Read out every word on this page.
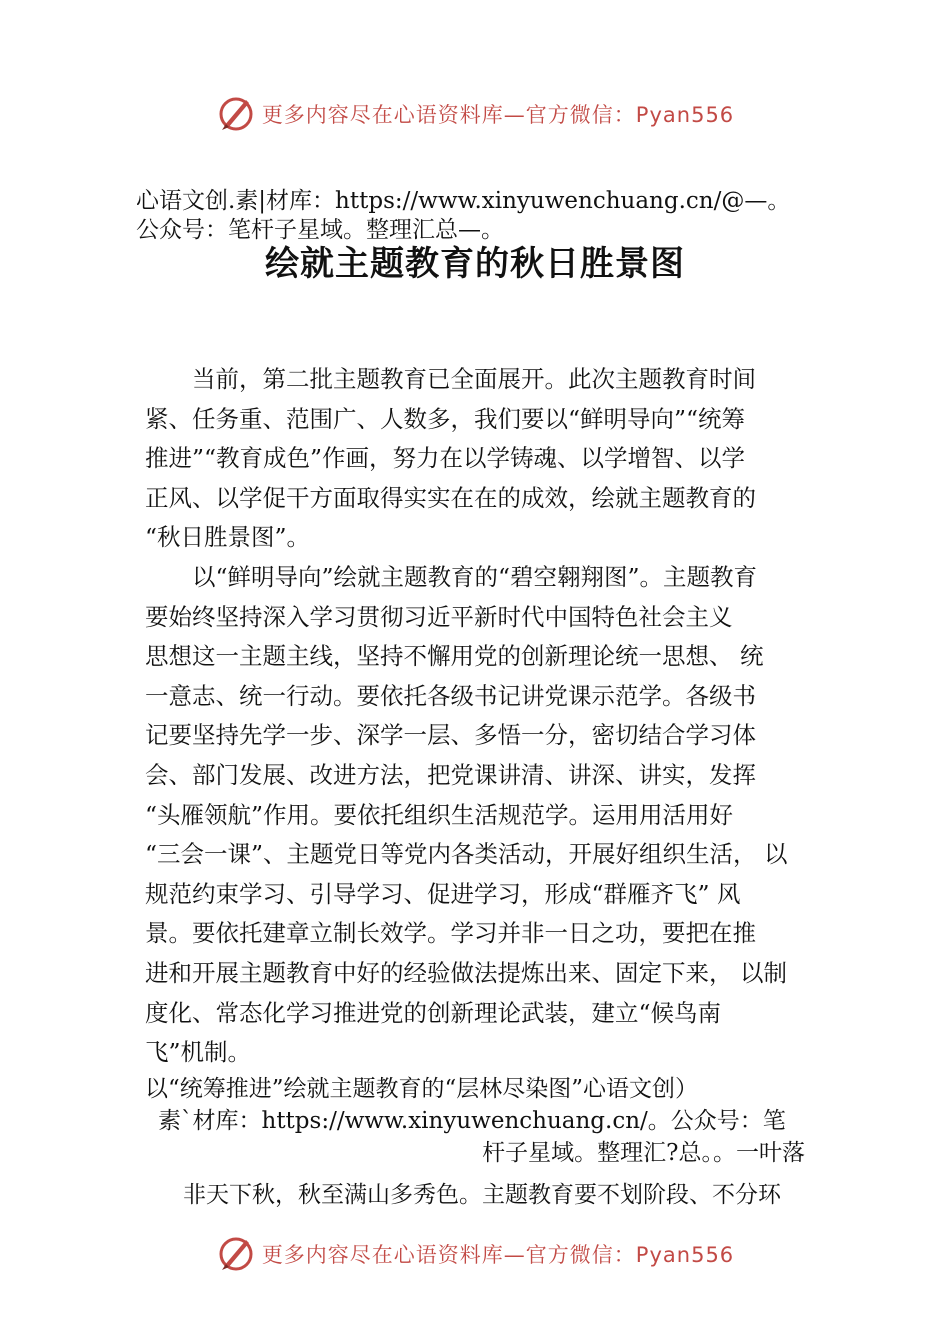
更多内容尽在心语资料库—官方微信：Pyan556
心语文创.素|材库：https://www.xinyuwenchuang.cn/@—。
公众号：笔杆子星域。整理汇总—。
绘就主题教育的秋日胜景图
　　当前，第二批主题教育已全面展开。此次主题教育时间
紧、任务重、范围广、人数多，我们要以“鲜明导向”“统筹
推进”“教育成色”作画，努力在以学铸魂、以学增智、以学
正风、以学促干方面取得实实在在的成效，绘就主题教育的
“秋日胜景图”。
　　以“鲜明导向”绘就主题教育的“碧空翱翔图”。主题教育
要始终坚持深入学习贯彻习近平新时代中国特色社会主义
思想这一主题主线，坚持不懈用党的创新理论统一思想、 统
一意志、统一行动。要依托各级书记讲党课示范学。各级书
记要坚持先学一步、深学一层、多悟一分，密切结合学习体
会、部门发展、改进方法，把党课讲清、讲深、讲实，发挥
“头雁领航”作用。要依托组织生活规范学。运用用活用好
“三会一课”、主题党日等党内各类活动，开展好组织生活， 以
规范约束学习、引导学习、促进学习，形成“群雁齐飞” 风
景。要依托建章立制长效学。学习并非一日之功，要把在推
进和开展主题教育中好的经验做法提炼出来、固定下来， 以制
度化、常态化学习推进党的创新理论武装，建立“候鸟南
飞”机制。
以“统筹推进”绘就主题教育的“层林尽染图”心语文创）
素`材库：https://www.xinyuwenchuang.cn/。公众号：笔
杆子星域。整理汇?总。。一叶落
非天下秋，秋至满山多秀色。主题教育要不划阶段、不分环
更多内容尽在心语资料库—官方微信：Pyan556
